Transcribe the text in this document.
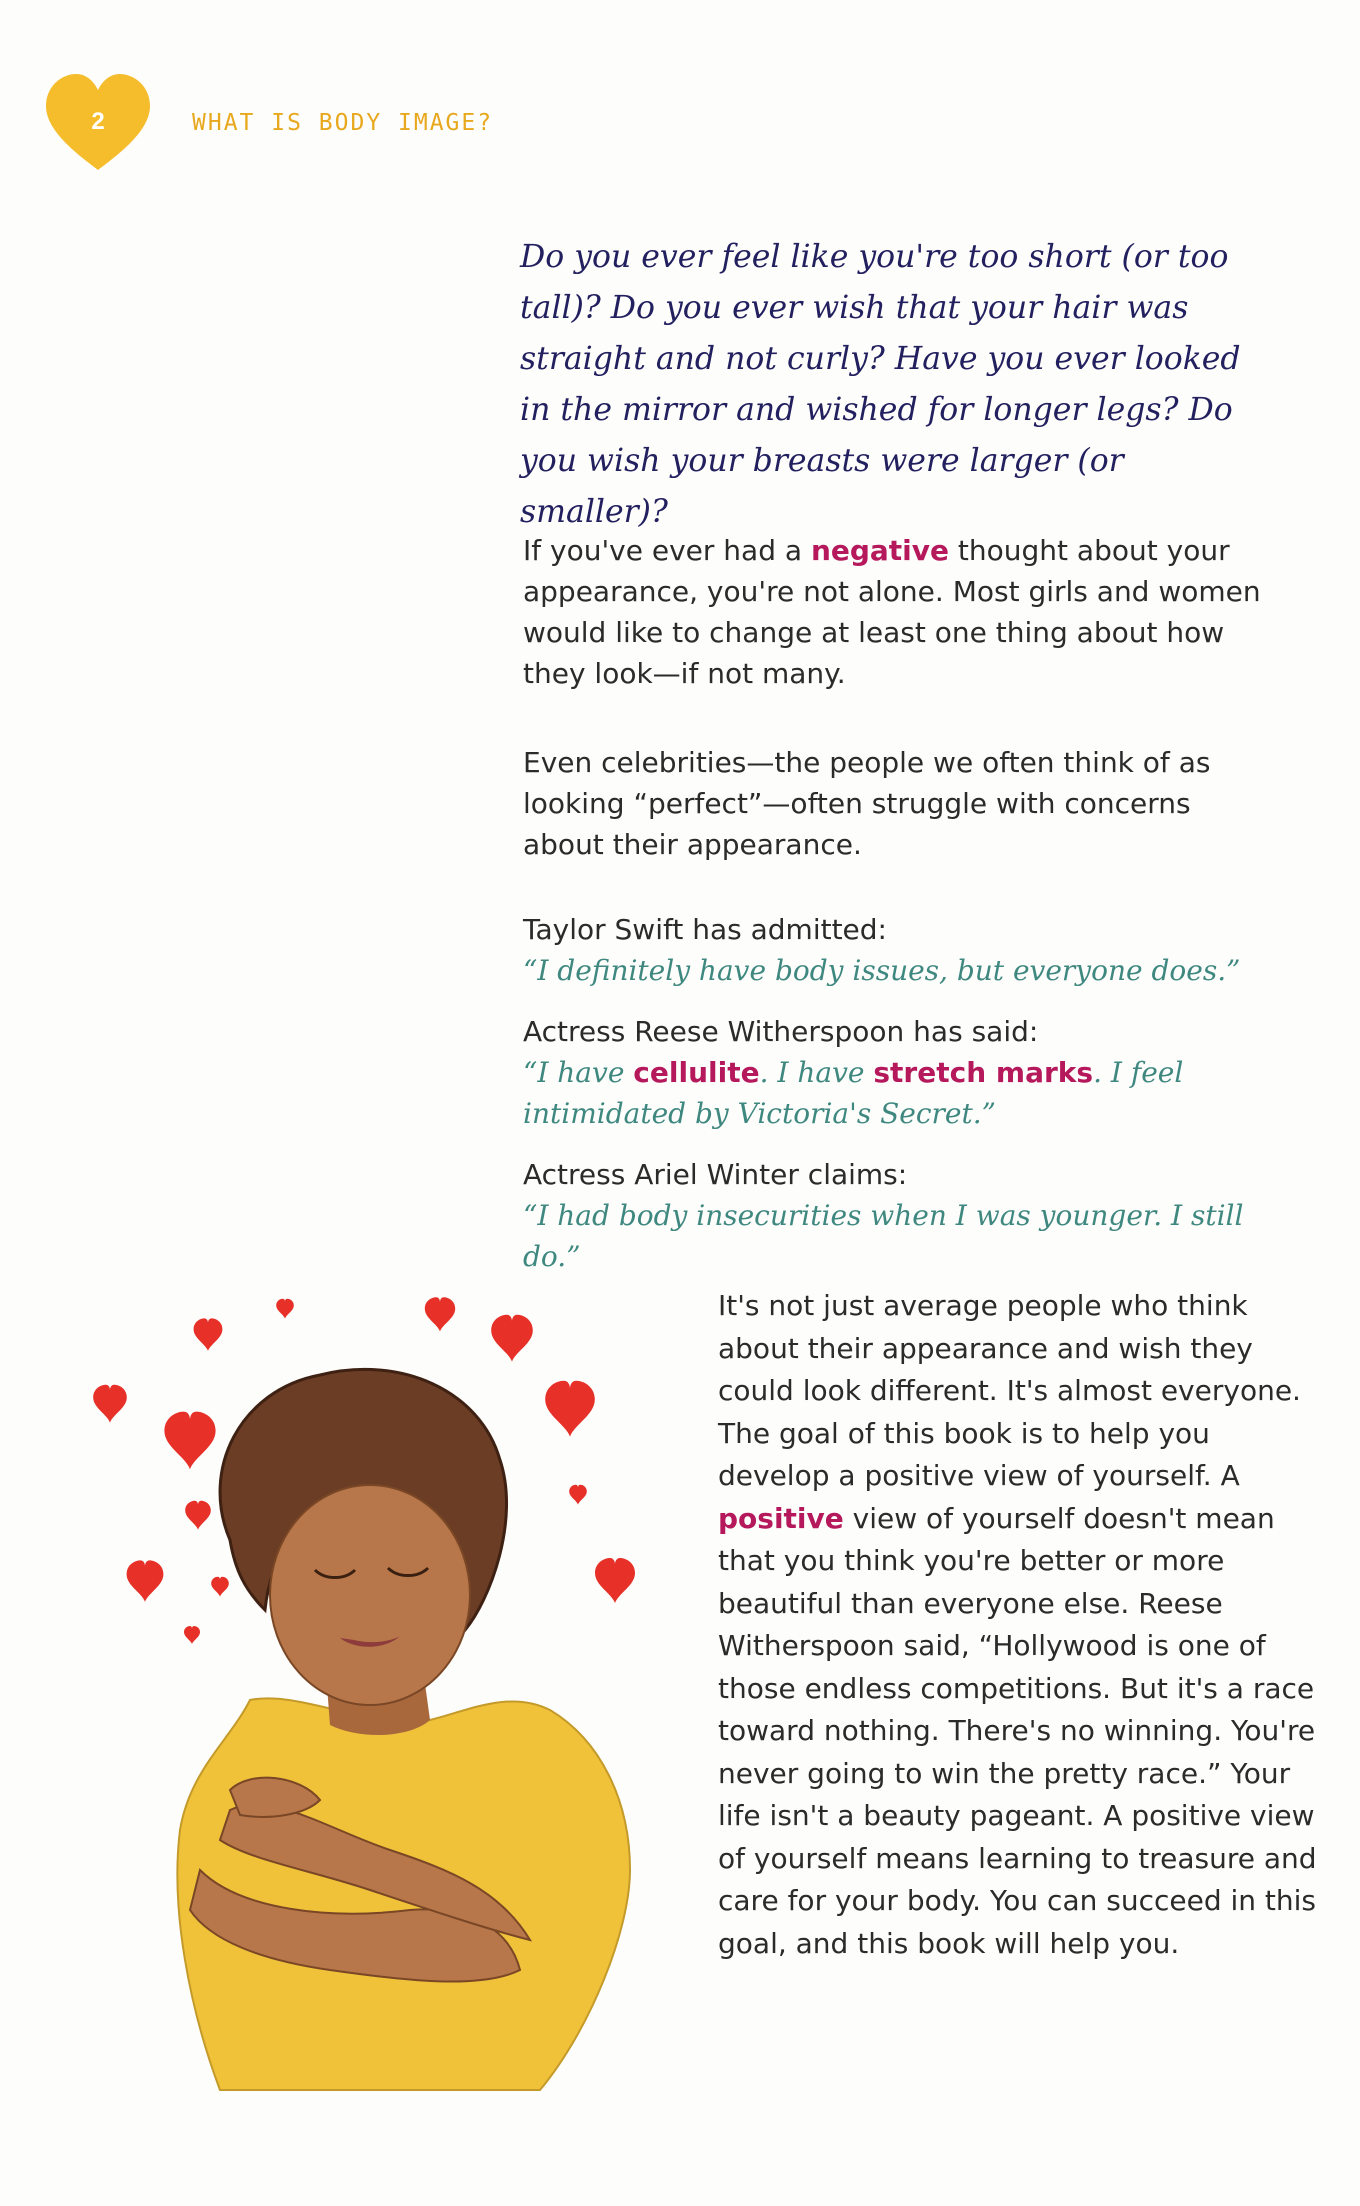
2	WHAT IS BODY IMAGE?
Do you ever feel like you're too short (or too tall)? Do you ever wish that your hair was straight and not curly? Have you ever looked in the mirror and wished for longer legs? Do you wish your breasts were larger (or smaller)?
If you've ever had a negative thought about your appearance, you're not alone. Most girls and women would like to change at least one thing about how they look—if not many.
Even celebrities—the people we often think of as looking “perfect”—often struggle with concerns about their appearance.
Taylor Swift has admitted:
“I definitely have body issues, but everyone does.”
Actress Reese Witherspoon has said:
“I have cellulite. I have stretch marks. I feel intimidated by Victoria's Secret.”
Actress Ariel Winter claims:
“I had body insecurities when I was younger. I still do.”
It's not just average people who think about their appearance and wish they could look different. It's almost everyone. The goal of this book is to help you develop a positive view of yourself. A positive view of yourself doesn't mean that you think you're better or more beautiful than everyone else. Reese Witherspoon said, “Hollywood is one of those endless competitions. But it's a race toward nothing. There's no winning. You're never going to win the pretty race.” Your life isn't a beauty pageant. A positive view of yourself means learning to treasure and care for your body. You can succeed in this goal, and this book will help you.
